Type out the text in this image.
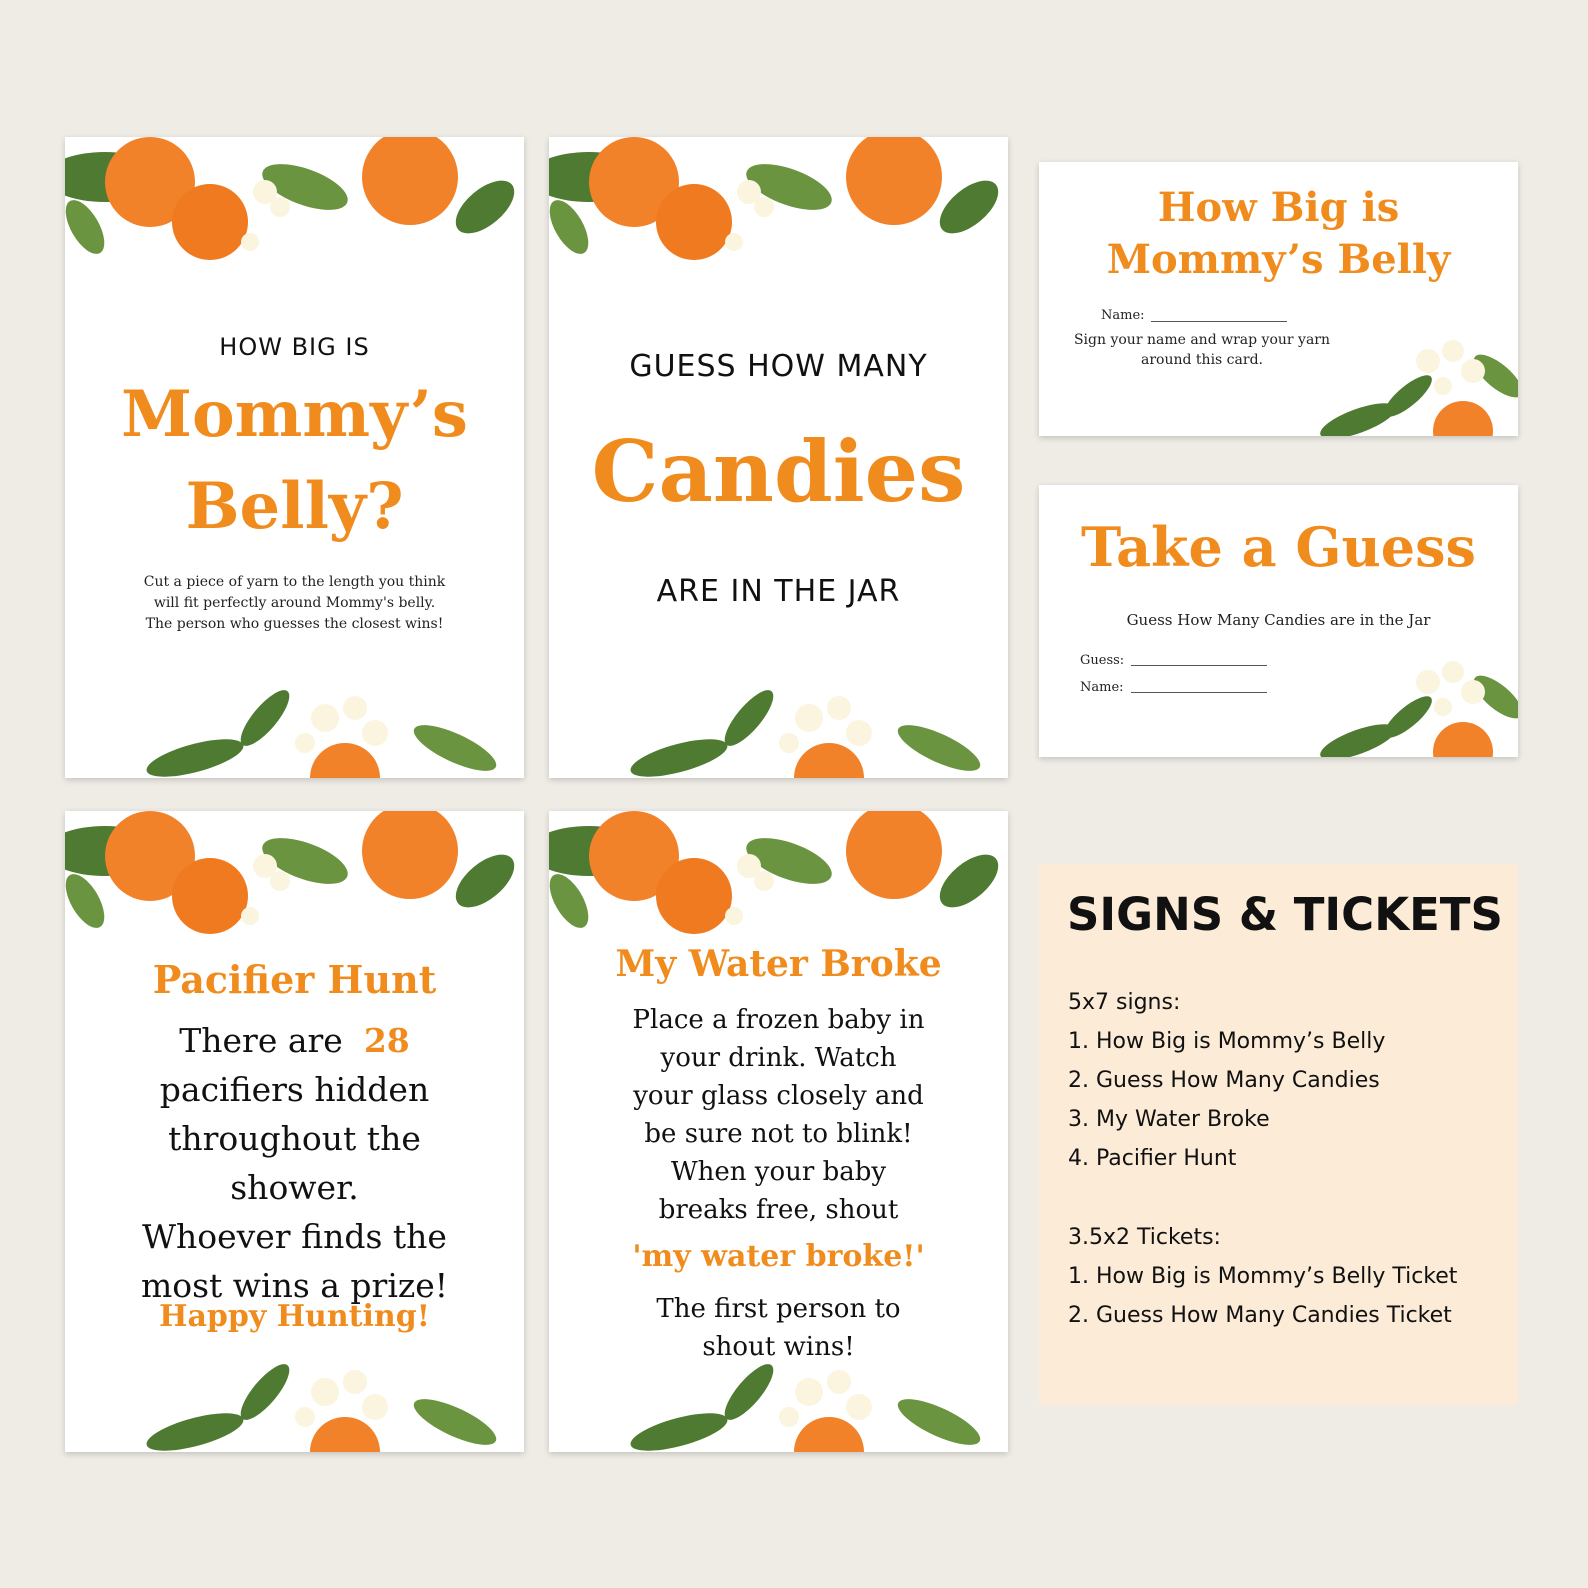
HOW BIG IS
Mommy’s
Belly?
Cut a piece of yarn to the length you think
will fit perfectly around Mommy's belly.
The person who guesses the closest wins!
GUESS HOW MANY
Candies
ARE IN THE JAR
Pacifier Hunt
There are 28
pacifiers hidden
throughout the
shower.
Whoever finds the
most wins a prize!
Happy Hunting!
My Water Broke
Place a frozen baby in
your drink. Watch
your glass closely and
be sure not to blink!
When your baby
breaks free, shout
'my water broke!'
The first person to
shout wins!
How Big is
Mommy’s Belly
Name:
Sign your name and wrap your yarn
around this card.
Take a Guess
Guess How Many Candies are in the Jar
Guess:
Name:
SIGNS & TICKETS
5x7 signs:
1. How Big is Mommy’s Belly
2. Guess How Many Candies
3. My Water Broke
4. Pacifier Hunt
3.5x2 Tickets:
1. How Big is Mommy’s Belly Ticket
2. Guess How Many Candies Ticket
